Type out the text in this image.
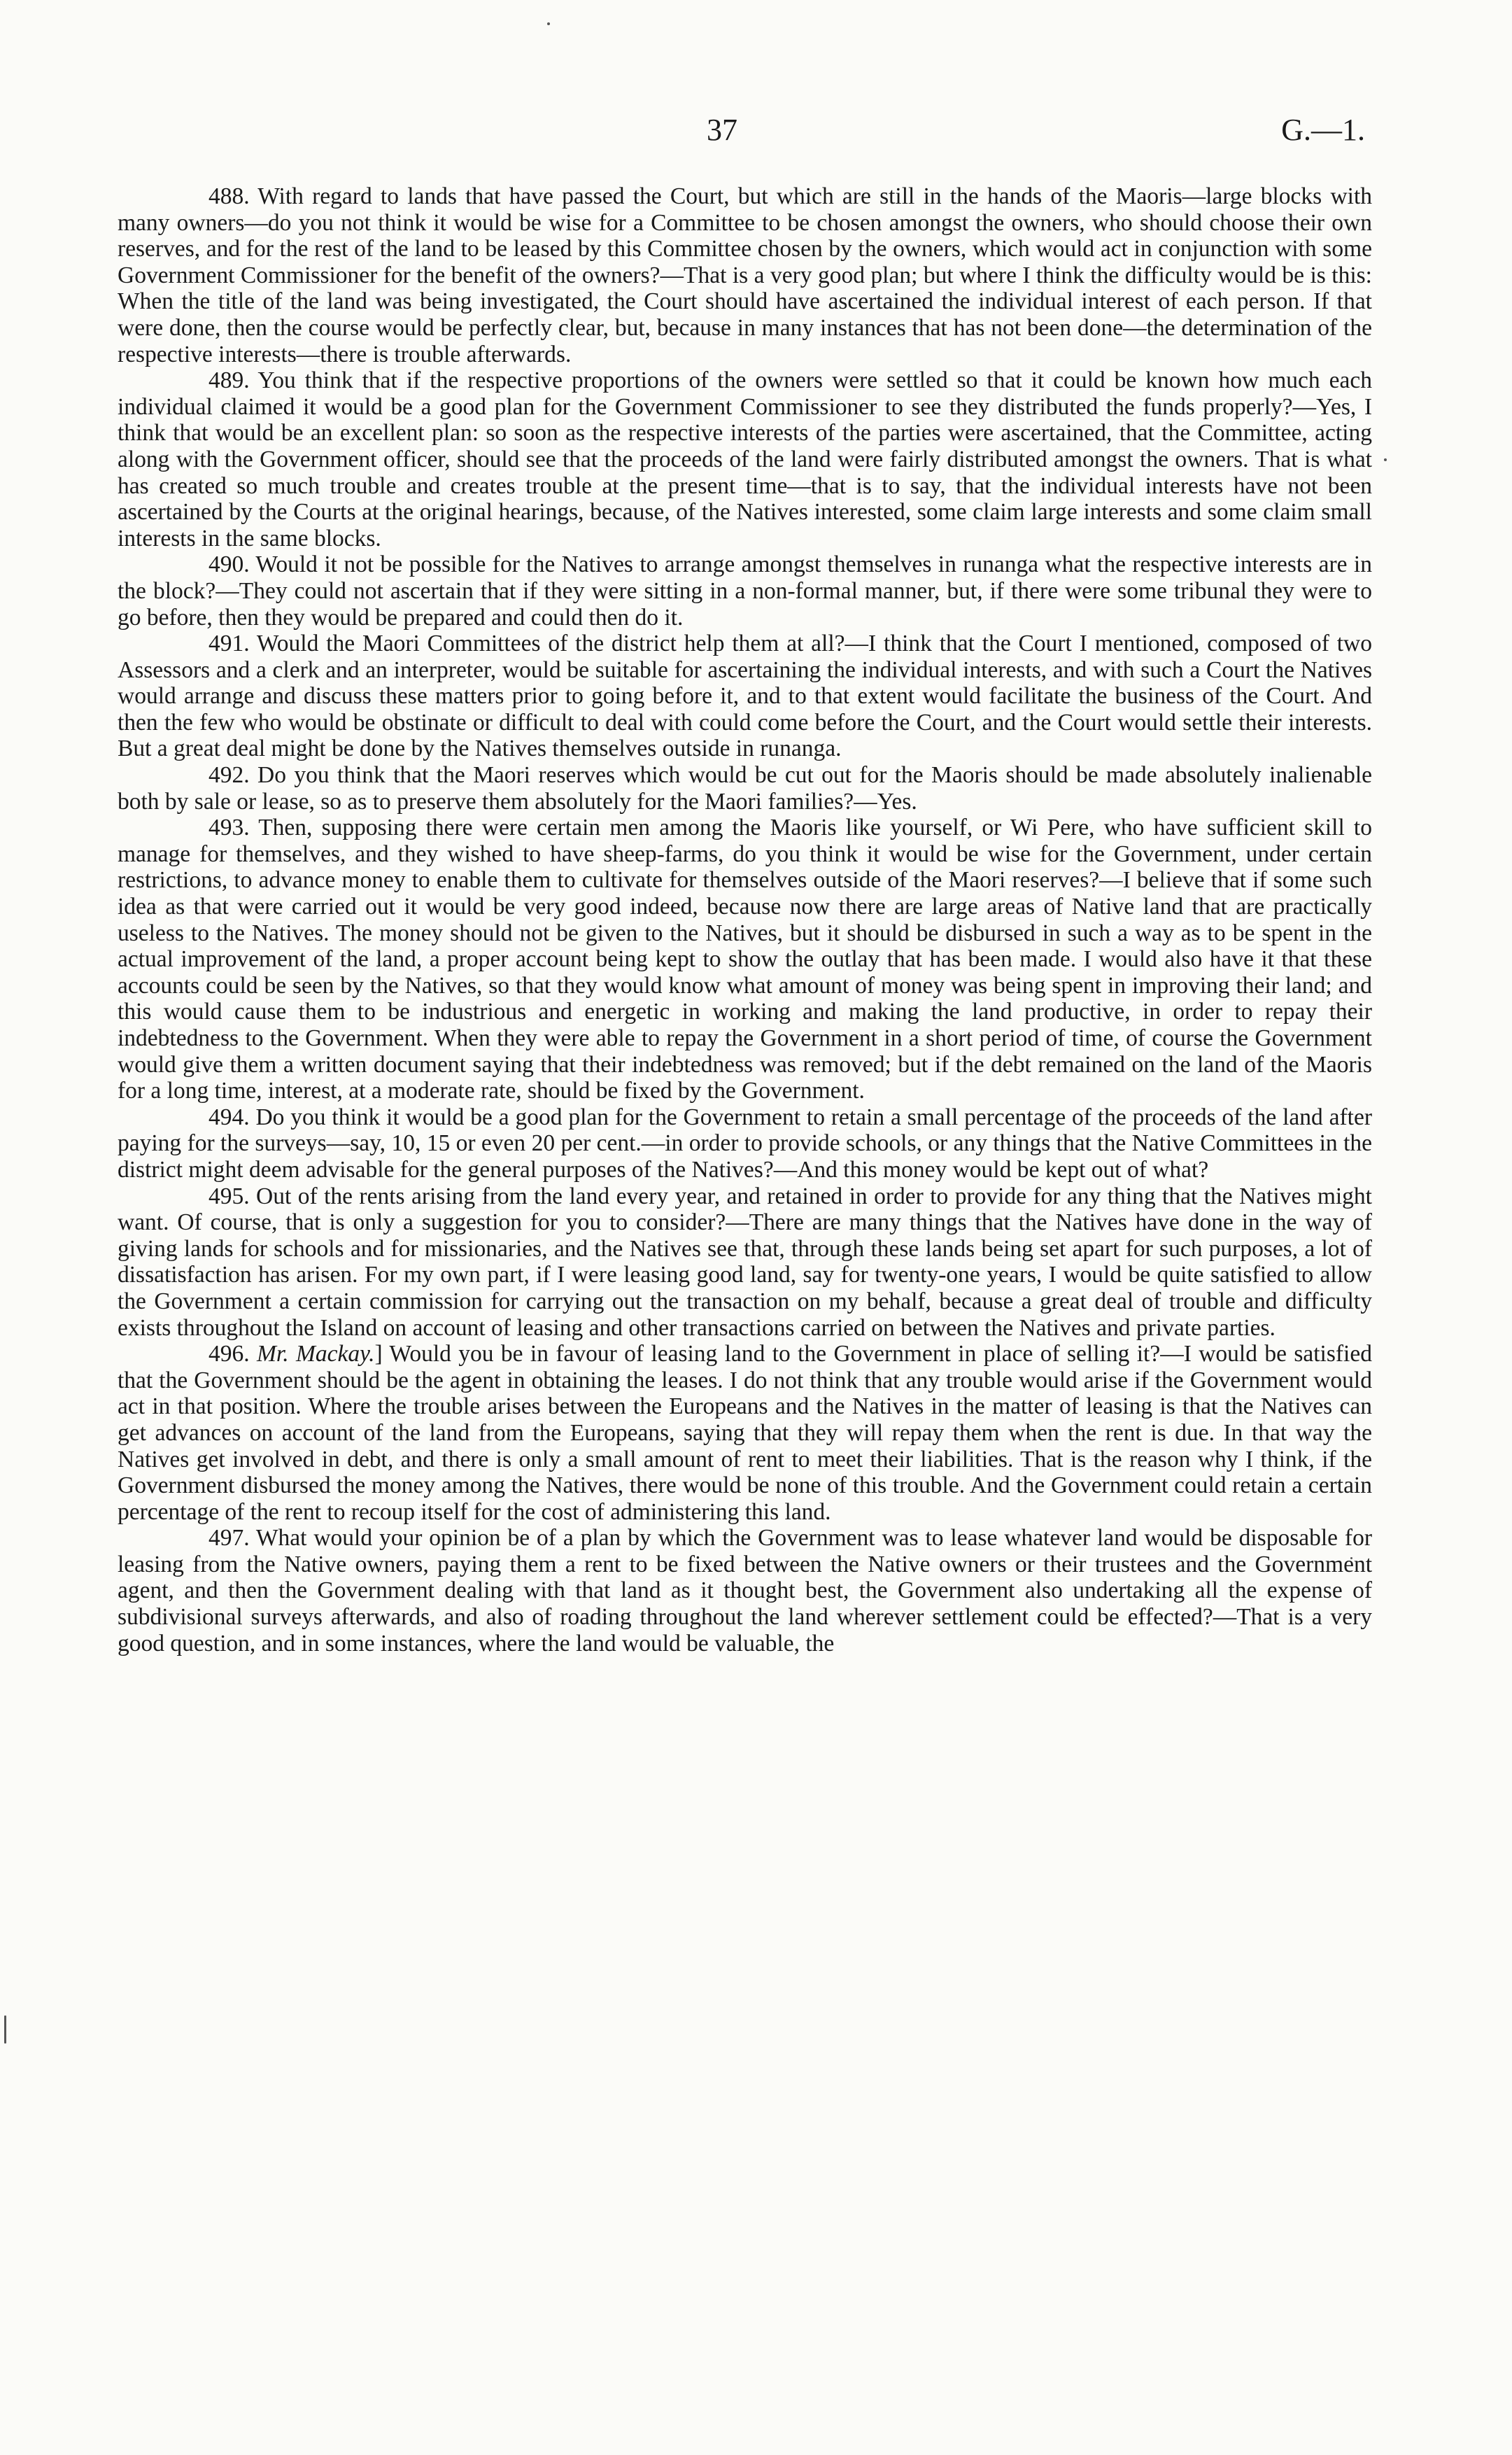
37	G.—1.

488. With regard to lands that have passed the Court, but which are still in the hands of the Maoris—large blocks with many owners—do you not think it would be wise for a Committee to be chosen amongst the owners, who should choose their own reserves, and for the rest of the land to be leased by this Committee chosen by the owners, which would act in conjunction with some Government Commissioner for the benefit of the owners?—That is a very good plan; but where I think the difficulty would be is this: When the title of the land was being investigated, the Court should have ascertained the individual interest of each person. If that were done, then the course would be perfectly clear, but, because in many instances that has not been done—the determination of the respective interests—there is trouble afterwards.

489. You think that if the respective proportions of the owners were settled so that it could be known how much each individual claimed it would be a good plan for the Government Commissioner to see they distributed the funds properly?—Yes, I think that would be an excellent plan: so soon as the respective interests of the parties were ascertained, that the Committee, acting along with the Government officer, should see that the proceeds of the land were fairly distributed amongst the owners. That is what has created so much trouble and creates trouble at the present time—that is to say, that the individual interests have not been ascertained by the Courts at the original hearings, because, of the Natives interested, some claim large interests and some claim small interests in the same blocks.

490. Would it not be possible for the Natives to arrange amongst themselves in runanga what the respective interests are in the block?—They could not ascertain that if they were sitting in a non-formal manner, but, if there were some tribunal they were to go before, then they would be prepared and could then do it.

491. Would the Maori Committees of the district help them at all?—I think that the Court I mentioned, composed of two Assessors and a clerk and an interpreter, would be suitable for ascertaining the individual interests, and with such a Court the Natives would arrange and discuss these matters prior to going before it, and to that extent would facilitate the business of the Court. And then the few who would be obstinate or difficult to deal with could come before the Court, and the Court would settle their interests. But a great deal might be done by the Natives themselves outside in runanga.

492. Do you think that the Maori reserves which would be cut out for the Maoris should be made absolutely inalienable both by sale or lease, so as to preserve them absolutely for the Maori families?—Yes.

493. Then, supposing there were certain men among the Maoris like yourself, or Wi Pere, who have sufficient skill to manage for themselves, and they wished to have sheep-farms, do you think it would be wise for the Government, under certain restrictions, to advance money to enable them to cultivate for themselves outside of the Maori reserves?—I believe that if some such idea as that were carried out it would be very good indeed, because now there are large areas of Native land that are practically useless to the Natives. The money should not be given to the Natives, but it should be disbursed in such a way as to be spent in the actual improvement of the land, a proper account being kept to show the outlay that has been made. I would also have it that these accounts could be seen by the Natives, so that they would know what amount of money was being spent in improving their land; and this would cause them to be industrious and energetic in working and making the land productive, in order to repay their indebtedness to the Government. When they were able to repay the Government in a short period of time, of course the Government would give them a written document saying that their indebtedness was removed; but if the debt remained on the land of the Maoris for a long time, interest, at a moderate rate, should be fixed by the Government.

494. Do you think it would be a good plan for the Government to retain a small percentage of the proceeds of the land after paying for the surveys—say, 10, 15 or even 20 per cent.—in order to provide schools, or any things that the Native Committees in the district might deem advisable for the general purposes of the Natives?—And this money would be kept out of what?

495. Out of the rents arising from the land every year, and retained in order to provide for any thing that the Natives might want. Of course, that is only a suggestion for you to consider?—There are many things that the Natives have done in the way of giving lands for schools and for missionaries, and the Natives see that, through these lands being set apart for such purposes, a lot of dissatisfaction has arisen. For my own part, if I were leasing good land, say for twenty-one years, I would be quite satisfied to allow the Government a certain commission for carrying out the transaction on my behalf, because a great deal of trouble and difficulty exists throughout the Island on account of leasing and other transactions carried on between the Natives and private parties.

496. Mr. Mackay.] Would you be in favour of leasing land to the Government in place of selling it?—I would be satisfied that the Government should be the agent in obtaining the leases. I do not think that any trouble would arise if the Government would act in that position. Where the trouble arises between the Europeans and the Natives in the matter of leasing is that the Natives can get advances on account of the land from the Europeans, saying that they will repay them when the rent is due. In that way the Natives get involved in debt, and there is only a small amount of rent to meet their liabilities. That is the reason why I think, if the Government disbursed the money among the Natives, there would be none of this trouble. And the Government could retain a certain percentage of the rent to recoup itself for the cost of administering this land.

497. What would your opinion be of a plan by which the Government was to lease whatever land would be disposable for leasing from the Native owners, paying them a rent to be fixed between the Native owners or their trustees and the Government agent, and then the Government dealing with that land as it thought best, the Government also undertaking all the expense of subdivisional surveys afterwards, and also of roading throughout the land wherever settlement could be effected?—That is a very good question, and in some instances, where the land would be valuable, the
